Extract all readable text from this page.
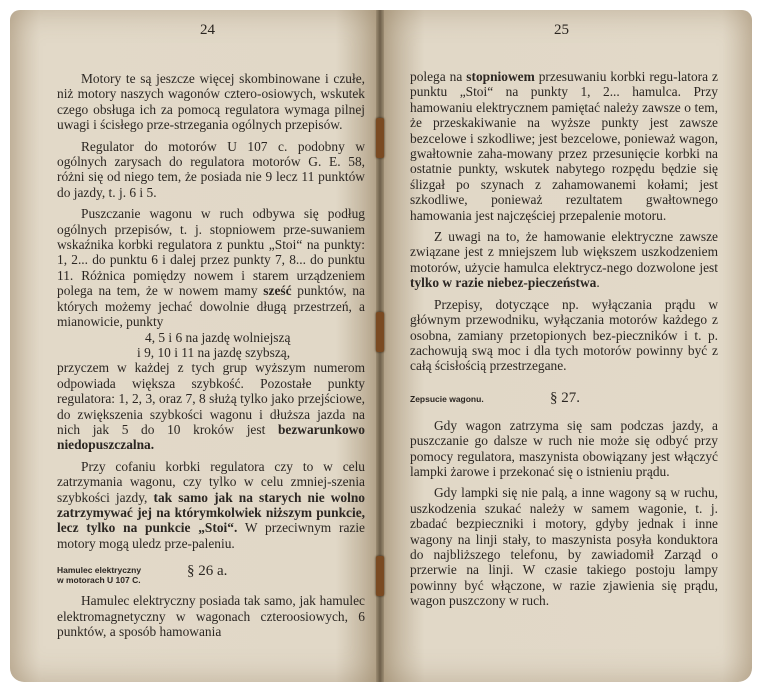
24	25

Motory te są jeszcze więcej skombinowane i czułe, niż motory naszych wagonów cztero-osiowych, wskutek czego obsługa ich za pomocą regulatora wymaga pilnej uwagi i ścisłego prze-strzegania ogólnych przepisów.

Regulator do motorów U 107 c. podobny w ogólnych zarysach do regulatora motorów G. E. 58, różni się od niego tem, że posiada nie 9 lecz 11 punktów do jazdy, t. j. 6 i 5.

Puszczanie wagonu w ruch odbywa się podług ogólnych przepisów, t. j. stopniowem prze-suwaniem wskaźnika korbki regulatora z punktu „Stoi“ na punkty: 1, 2... do punktu 6 i dalej przez punkty 7, 8... do punktu 11. Różnica pomiędzy nowem i starem urządzeniem polega na tem, że w nowem mamy sześć punktów, na których możemy jechać dowolnie długą przestrzeń, a mianowicie, punkty

4, 5 i 6 na jazdę wolniejszą

i 9, 10 i 11 na jazdę szybszą,

przyczem w każdej z tych grup wyższym numerom odpowiada większa szybkość. Pozostałe punkty regulatora: 1, 2, 3, oraz 7, 8 służą tylko jako przejściowe, do zwiększenia szybkości wagonu i dłuższa jazda na nich jak 5 do 10 kroków jest bezwarunkowo niedopuszczalna.

Przy cofaniu korbki regulatora czy to w celu zatrzymania wagonu, czy tylko w celu zmniej-szenia szybkości jazdy, tak samo jak na starych nie wolno zatrzymywać jej na którymkolwiek niższym punkcie, lecz tylko na punkcie „Stoi“. W przeciwnym razie motory mogą uledz prze-paleniu.

Hamulec elektryczny
w motorach U 107 C.
§ 26 a.

Hamulec elektryczny posiada tak samo, jak hamulec elektromagnetyczny w wagonach czteroosiowych, 6 punktów, a sposób hamowania

polega na stopniowem przesuwaniu korbki regu-latora z punktu „Stoi“ na punkty 1, 2... hamulca. Przy hamowaniu elektrycznem pamiętać należy zawsze o tem, że przeskakiwanie na wyższe punkty jest zawsze bezcelowe i szkodliwe; jest bezcelowe, ponieważ wagon, gwałtownie zaha-mowany przez przesunięcie korbki na ostatnie punkty, wskutek nabytego rozpędu będzie się ślizgał po szynach z zahamowanemi kołami; jest szkodliwe, ponieważ rezultatem gwałtownego hamowania jest najczęściej przepalenie motoru.

Z uwagi na to, że hamowanie elektryczne zawsze związane jest z mniejszem lub większem uszkodzeniem motorów, użycie hamulca elektrycz-nego dozwolone jest tylko w razie niebez-pieczeństwa.

Przepisy, dotyczące np. wyłączania prądu w głównym przewodniku, wyłączania motorów każdego z osobna, zamiany przetopionych bez-pieczników i t. p. zachowują swą moc i dla tych motorów powinny być z całą ścisłością przestrzegane.

Zepsucie wagonu.	§ 27.

Gdy wagon zatrzyma się sam podczas jazdy, a puszczanie go dalsze w ruch nie może się odbyć przy pomocy regulatora, maszynista obowiązany jest włączyć lampki żarowe i przekonać się o istnieniu prądu.

Gdy lampki się nie palą, a inne wagony są w ruchu, uszkodzenia szukać należy w samem wagonie, t. j. zbadać bezpieczniki i motory, gdyby jednak i inne wagony na linji stały, to maszynista posyła konduktora do najbliższego telefonu, by zawiadomił Zarząd o przerwie na linji. W czasie takiego postoju lampy powinny być włączone, w razie zjawienia się prądu, wagon puszczony w ruch.
